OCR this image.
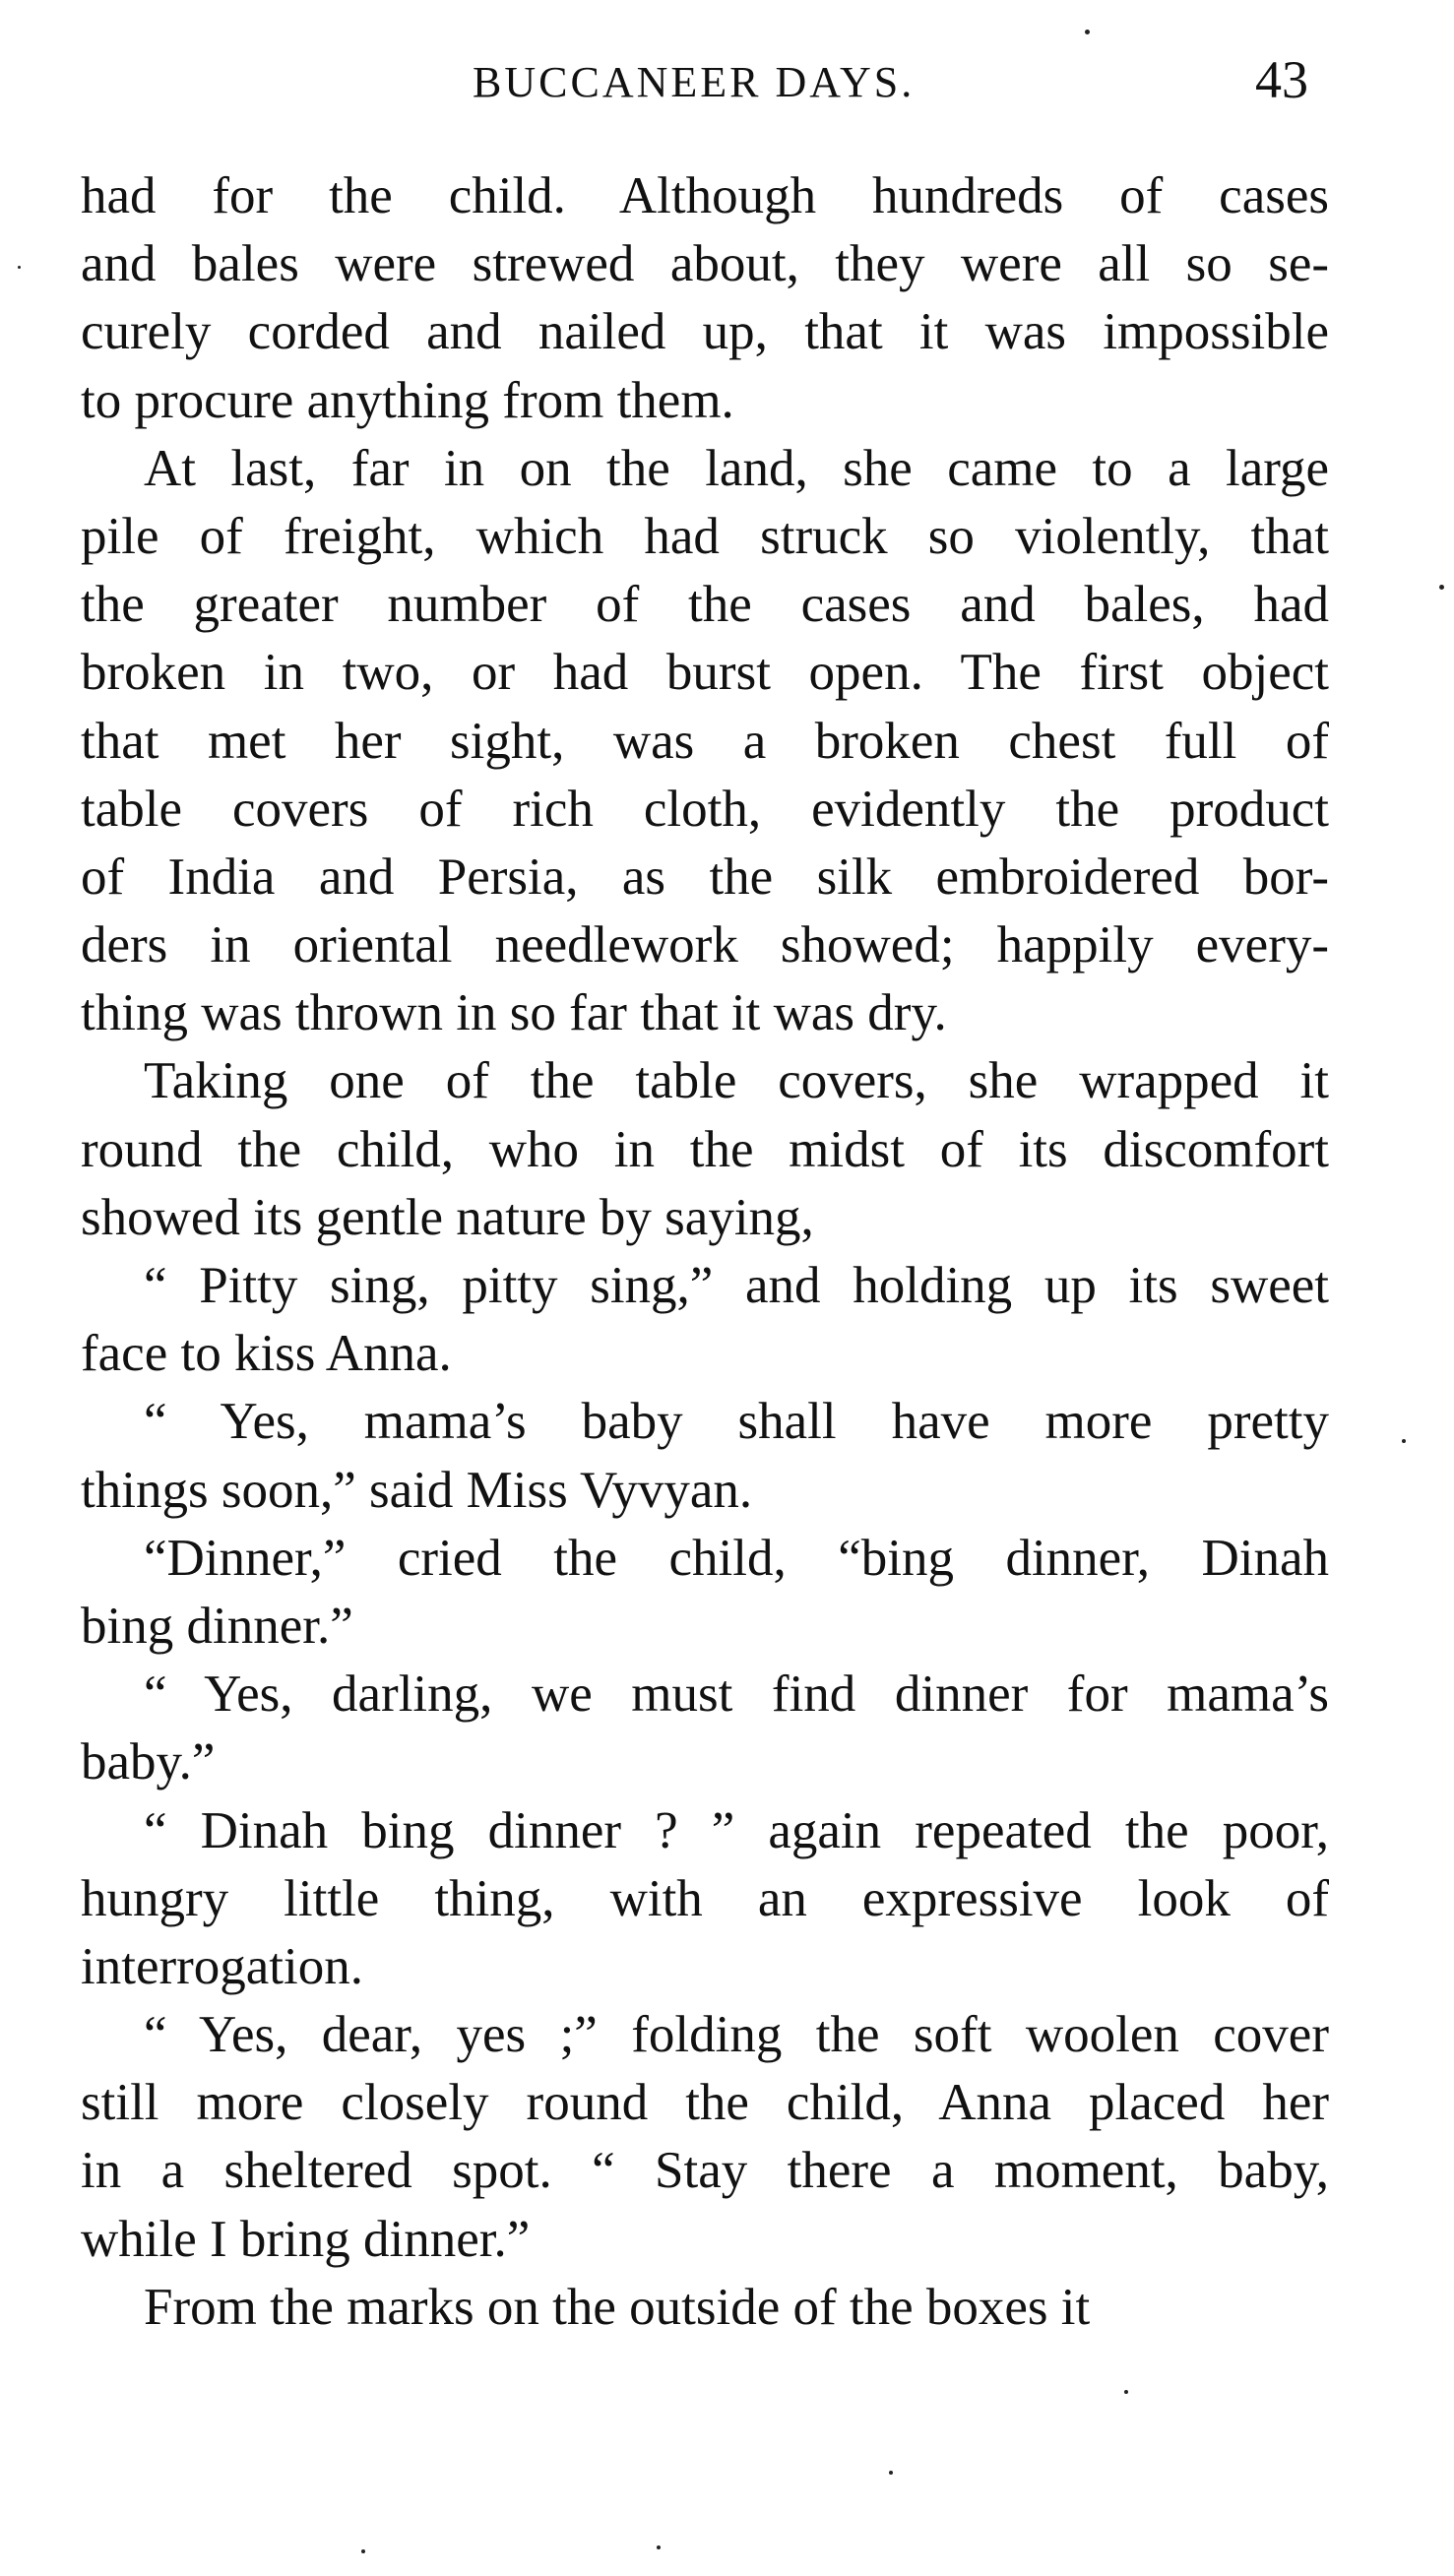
BUCCANEER DAYS.	43
had for the child. Although hundreds of cases
and bales were strewed about, they were all so se-
curely corded and nailed up, that it was impossible
to procure anything from them.
At last, far in on the land, she came to a large
pile of freight, which had struck so violently, that
the greater number of the cases and bales, had
broken in two, or had burst open. The first object
that met her sight, was a broken chest full of
table covers of rich cloth, evidently the product
of India and Persia, as the silk embroidered bor-
ders in oriental needlework showed; happily every-
thing was thrown in so far that it was dry.
Taking one of the table covers, she wrapped it
round the child, who in the midst of its discomfort
showed its gentle nature by saying,
“ Pitty sing, pitty sing,” and holding up its sweet
face to kiss Anna.
“ Yes, mama’s baby shall have more pretty
things soon,” said Miss Vyvyan.
“Dinner,” cried the child, “bing dinner, Dinah
bing dinner.”
“ Yes, darling, we must find dinner for mama’s
baby.”
“ Dinah bing dinner ? ” again repeated the poor,
hungry little thing, with an expressive look of
interrogation.
“ Yes, dear, yes ;” folding the soft woolen cover
still more closely round the child, Anna placed her
in a sheltered spot. “ Stay there a moment, baby,
while I bring dinner.”
From the marks on the outside of the boxes it
